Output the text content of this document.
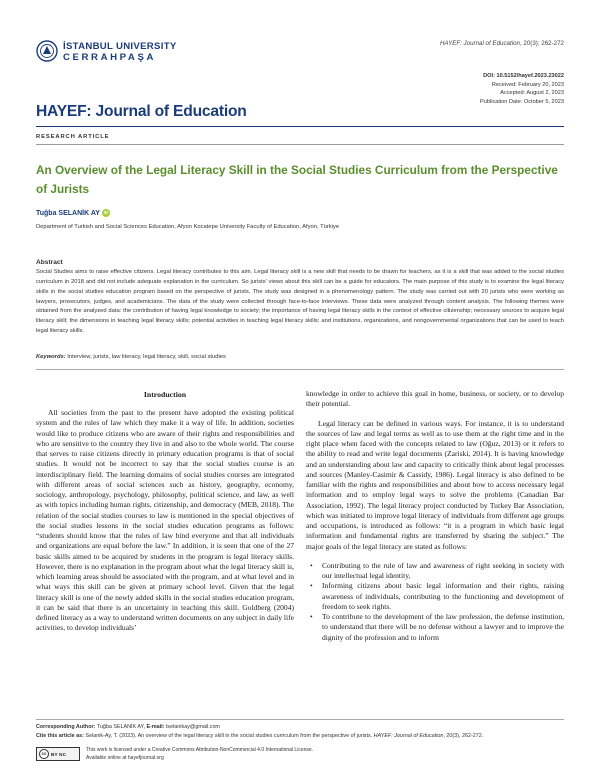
İSTANBUL UNIVERSITY
CERRAHPAŞA
HAYEF: Journal of Education, 20(3); 262-272
DOI: 10.5152/hayef.2023.23022
Received: February 20, 2023
Accepted: August 2, 2023
Publication Date: October 5, 2023
HAYEF: Journal of Education
RESEARCH ARTICLE
An Overview of the Legal Literacy Skill in the Social Studies Curriculum from the Perspective of Jurists
Tuğba SELANİK AY iD
Department of Turkish and Social Sciences Education, Afyon Kocatepe University Faculty of Education, Afyon, Türkiye
Abstract
Social Studies aims to raise effective citizens. Legal literacy contributes to this aim. Legal literacy skill is a new skill that needs to be drawn for teachers, as it is a skill that was added to the social studies curriculum in 2018 and did not include adequate explanation in the curriculum. So jurists' views about this skill can be a guide for educators. The main purpose of this study is to examine the legal literacy skills in the social studies education program based on the perspective of jurists. The study was designed in a phenomenology pattern. The study was carried out with 20 jurists who were working as lawyers, prosecutors, judges, and academicians. The data of the study were collected through face-to-face interviews. These data were analyzed through content analysis. The following themes were obtained from the analyzed data: the contribution of having legal knowledge to society; the importance of having legal literacy skills in the context of effective citizenship; necessary sources to acquire legal literacy skill; the dimensions in teaching legal literacy skills; potential activities in teaching legal literacy skills; and institutions, organizations, and nongovernmental organizations that can be used to teach legal literacy skills.
Keywords: Interview, jurists, law literacy, legal literacy, skill, social studies
Introduction

All societies from the past to the present have adopted the existing political system and the rules of law which they make it a way of life. In addition, societies would like to produce citizens who are aware of their rights and responsibilities and who are sensitive to the country they live in and also to the whole world. The course that serves to raise citizens directly in primary education programs is that of social studies. It would not be incorrect to say that the social studies course is an interdisciplinary field. The learning domains of social studies courses are integrated with different areas of social sciences such as history, geography, economy, sociology, anthropology, psychology, philosophy, political science, and law, as well as with topics including human rights, citizenship, and democracy (MEB, 2018). The relation of the social studies courses to law is mentioned in the special objectives of the social studies lessons in the social studies education programs as follows: “students should know that the rules of law bind everyone and that all individuals and organizations are equal before the law.” In addition, it is seen that one of the 27 basic skills aimed to be acquired by students in the program is legal literacy skills. However, there is no explanation in the program about what the legal literacy skill is, which learning areas should be associated with the program, and at what level and in what ways this skill can be given at primary school level. Given that the legal literacy skill is one of the newly added skills in the social studies education program, it can be said that there is an uncertainty in teaching this skill. Goldberg (2004) defined literacy as a way to understand written documents on any subject in daily life activities, to develop individuals’

knowledge in order to achieve this goal in home, business, or society, or to develop their potential.

Legal literacy can be defined in various ways. For instance, it is to understand the sources of law and legal terms as well as to use them at the right time and in the right place when faced with the concepts related to law (Oğuz, 2013) or it refers to the ability to read and write legal documents (Zariski, 2014). It is having knowledge and an understanding about law and capacity to critically think about legal processes and sources (Manley-Casimir & Cassidy, 1986). Legal literacy is also defined to be familiar with the rights and responsibilities and about how to access necessary legal information and to employ legal ways to solve the problems (Canadian Bar Association, 1992). The legal literacy project conducted by Turkey Bar Association, which was initiated to improve legal literacy of individuals from different age groups and occupations, is introduced as follows: “it is a program in which basic legal information and fundamental rights are transferred by sharing the subject.” The major goals of the legal literacy are stated as follows:

• Contributing to the rule of law and awareness of right seeking in society with our intellectual legal identity,
• Informing citizens about basic legal information and their rights, raising awareness of individuals, contributing to the functioning and development of freedom to seek rights.
• To contribute to the development of the law profession, the defense institution, to understand that there will be no defense without a lawyer and to improve the dignity of the profession and to inform
Corresponding Author: Tuğba SELANİK AY, E-mail: tselanikay@gmail.com
Cite this article as: Selanik-Ay, T. (2023). An overview of the legal literacy skill in the social studies curriculum from the perspective of jurists. HAYEF: Journal of Education, 20(3), 262-272.
cc BY NC
This work is licensed under a Creative Commons Attribution-NonCommercial 4.0 International License.
Available online at hayefjournal.org
